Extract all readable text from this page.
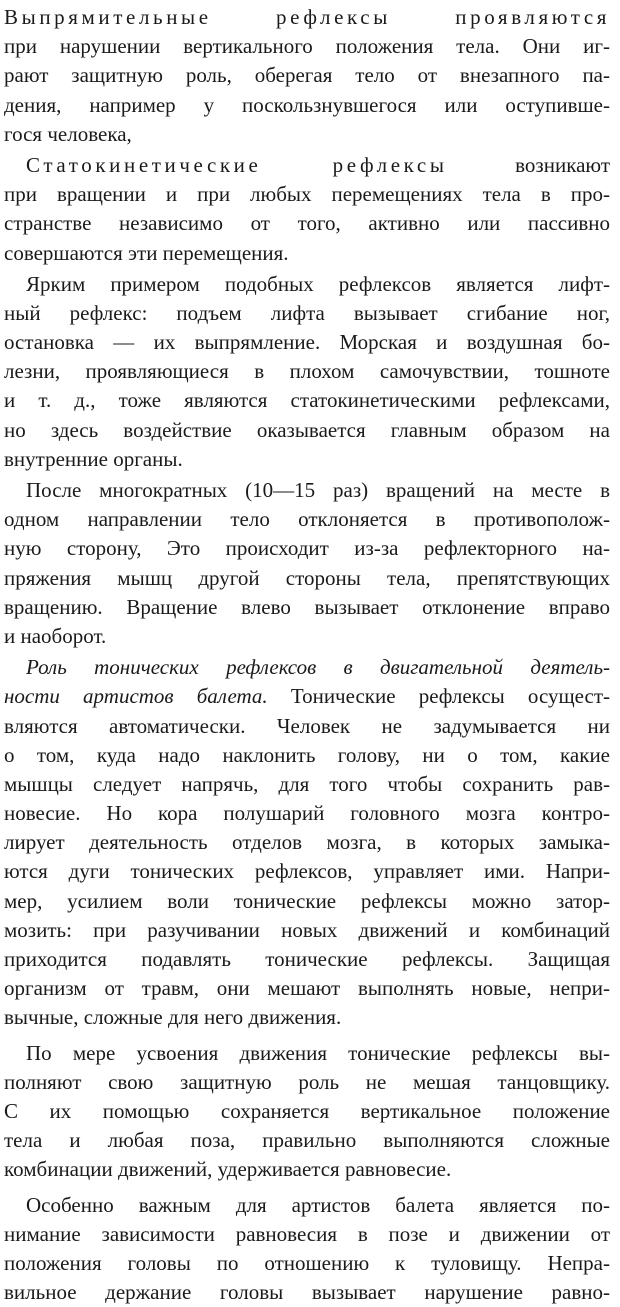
Выпрямительные рефлексы проявляются
при нарушении вертикального положения тела. Они иг-
рают защитную роль, оберегая тело от внезапного па-
дения, например у поскользнувшегося или оступивше-
гося человека,
Статокинетические рефлексы возникают
при вращении и при любых перемещениях тела в про-
странстве независимо от того, активно или пассивно
совершаются эти перемещения.
Ярким примером подобных рефлексов является лифт-
ный рефлекс: подъем лифта вызывает сгибание ног,
остановка — их выпрямление. Морская и воздушная бо-
лезни, проявляющиеся в плохом самочувствии, тошноте
и т. д., тоже являются статокинетическими рефлексами,
но здесь воздействие оказывается главным образом на
внутренние органы.
После многократных (10—15 раз) вращений на месте в
одном направлении тело отклоняется в противополож-
ную сторону, Это происходит из-за рефлекторного на-
пряжения мышц другой стороны тела, препятствующих
вращению. Вращение влево вызывает отклонение вправо
и наоборот.
Роль тонических рефлексов в двигательной деятель-
ности артистов балета. Тонические рефлексы осущест-
вляются автоматически. Человек не задумывается ни
о том, куда надо наклонить голову, ни о том, какие
мышцы следует напрячь, для того чтобы сохранить рав-
новесие. Но кора полушарий головного мозга контро-
лирует деятельность отделов мозга, в которых замыка-
ются дуги тонических рефлексов, управляет ими. Напри-
мер, усилием воли тонические рефлексы можно затор-
мозить: при разучивании новых движений и комбинаций
приходится подавлять тонические рефлексы. Защищая
организм от травм, они мешают выполнять новые, непри-
вычные, сложные для него движения.
По мере усвоения движения тонические рефлексы вы-
полняют свою защитную роль не мешая танцовщику.
С их помощью сохраняется вертикальное положение
тела и любая поза, правильно выполняются сложные
комбинации движений, удерживается равновесие.
Особенно важным для артистов балета является по-
нимание зависимости равновесия в позе и движении от
положения головы по отношению к туловищу. Непра-
вильное держание головы вызывает нарушение равно-
